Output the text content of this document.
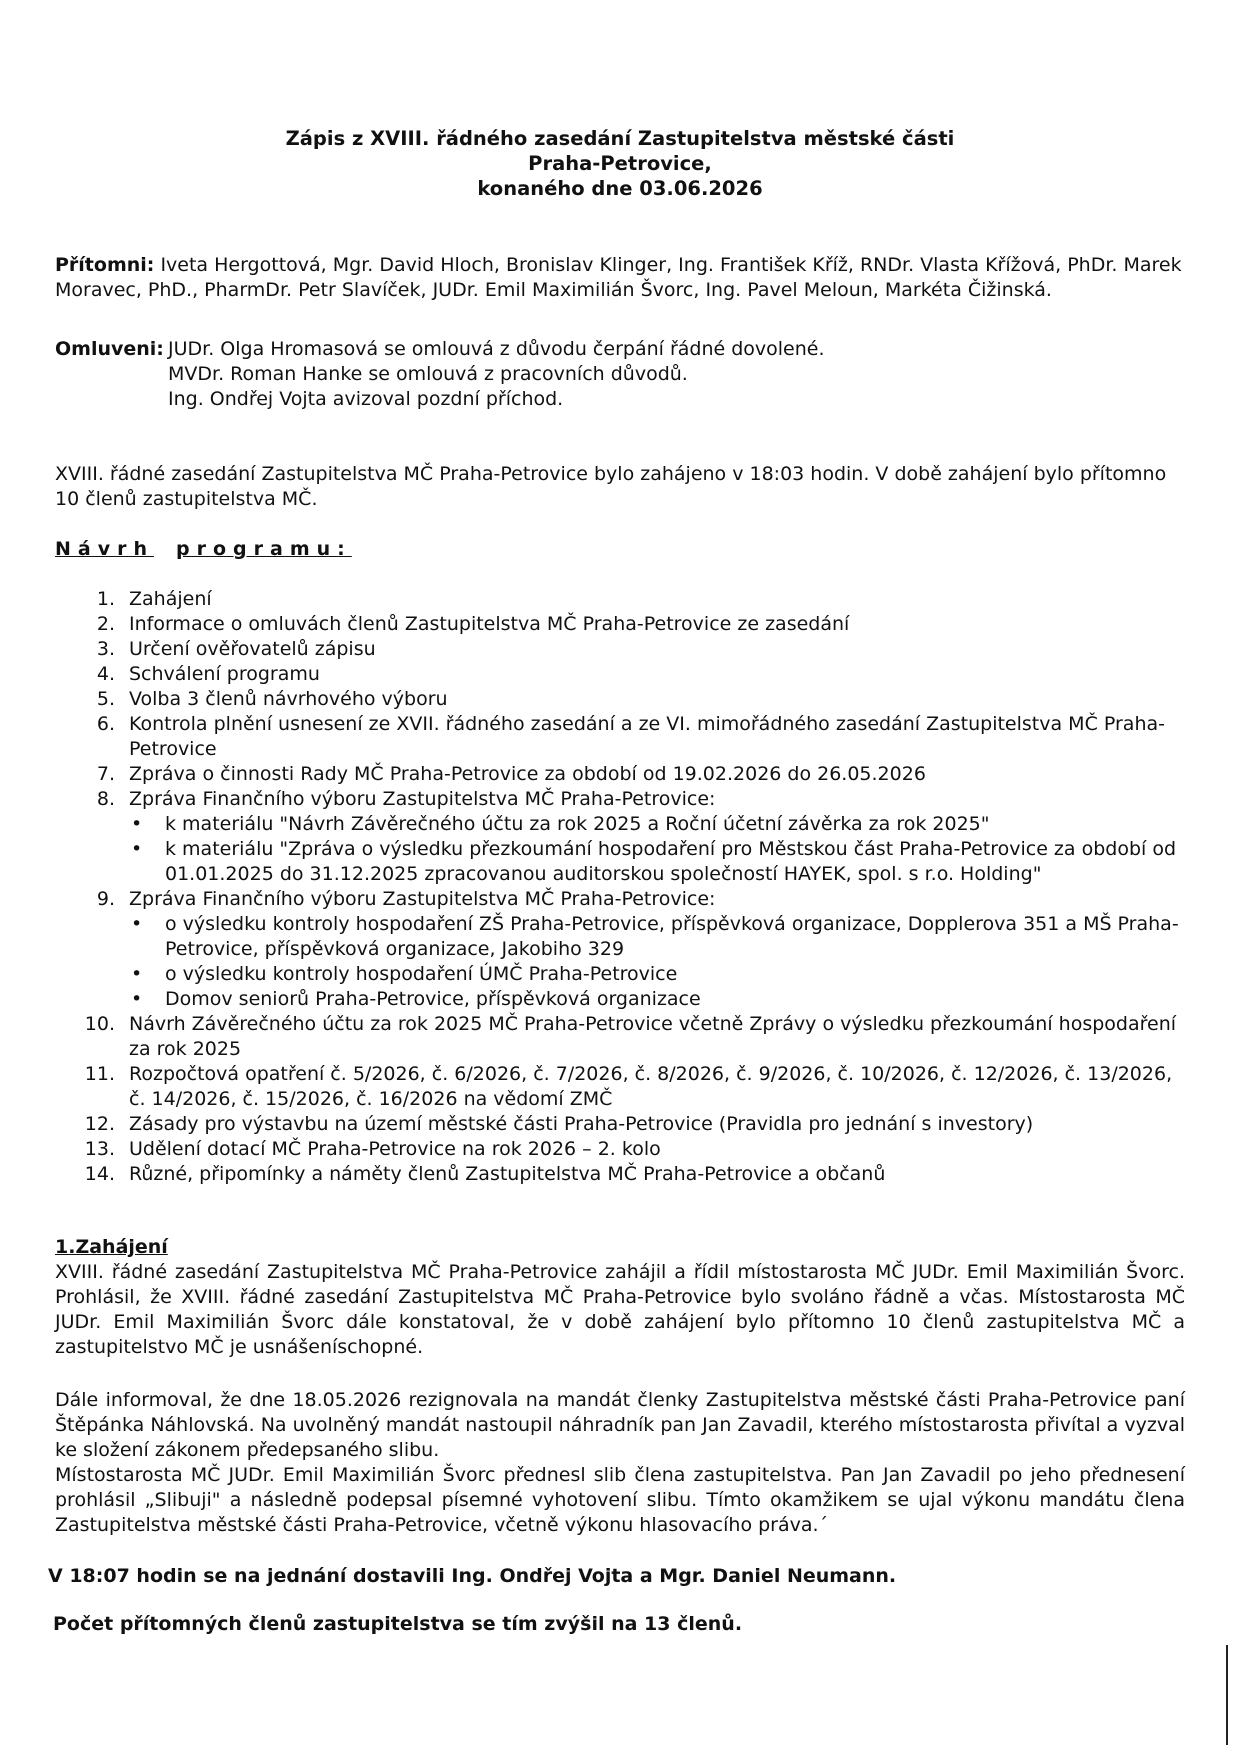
Zápis z XVIII. řádného zasedání Zastupitelstva městské části
Praha-Petrovice,
konaného dne 03.06.2026
Přítomni: Iveta Hergottová, Mgr. David Hloch, Bronislav Klinger, Ing. František Kříž, RNDr. Vlasta Křížová, PhDr. Marek Moravec, PhD., PharmDr. Petr Slavíček, JUDr. Emil Maximilián Švorc, Ing. Pavel Meloun, Markéta Čižinská.
Omluveni: JUDr. Olga Hromasová se omlouvá z důvodu čerpání řádné dovolené.
MVDr. Roman Hanke se omlouvá z pracovních důvodů.
Ing. Ondřej Vojta avizoval pozdní příchod.
XVIII. řádné zasedání Zastupitelstva MČ Praha-Petrovice bylo zahájeno v 18:03 hodin. V době zahájení bylo přítomno 10 členů zastupitelstva MČ.
Návrh programu:
1. Zahájení
2. Informace o omluvách členů Zastupitelstva MČ Praha-Petrovice ze zasedání
3. Určení ověřovatelů zápisu
4. Schválení programu
5. Volba 3 členů návrhového výboru
6. Kontrola plnění usnesení ze XVII. řádného zasedání a ze VI. mimořádného zasedání Zastupitelstva MČ Praha-Petrovice
7. Zpráva o činnosti Rady MČ Praha-Petrovice za období od 19.02.2026 do 26.05.2026
8. Zpráva Finančního výboru Zastupitelstva MČ Praha-Petrovice:
• k materiálu "Návrh Závěrečného účtu za rok 2025 a Roční účetní závěrka za rok 2025"
• k materiálu "Zpráva o výsledku přezkoumání hospodaření pro Městskou část Praha-Petrovice za období od 01.01.2025 do 31.12.2025 zpracovanou auditorskou společností HAYEK, spol. s r.o. Holding"
9. Zpráva Finančního výboru Zastupitelstva MČ Praha-Petrovice:
• o výsledku kontroly hospodaření ZŠ Praha-Petrovice, příspěvková organizace, Dopplerova 351 a MŠ Praha-Petrovice, příspěvková organizace, Jakobiho 329
• o výsledku kontroly hospodaření ÚMČ Praha-Petrovice
• Domov seniorů Praha-Petrovice, příspěvková organizace
10. Návrh Závěrečného účtu za rok 2025 MČ Praha-Petrovice včetně Zprávy o výsledku přezkoumání hospodaření za rok 2025
11. Rozpočtová opatření č. 5/2026, č. 6/2026, č. 7/2026, č. 8/2026, č. 9/2026, č. 10/2026, č. 12/2026, č. 13/2026, č. 14/2026, č. 15/2026, č. 16/2026 na vědomí ZMČ
12. Zásady pro výstavbu na území městské části Praha-Petrovice (Pravidla pro jednání s investory)
13. Udělení dotací MČ Praha-Petrovice na rok 2026 – 2. kolo
14. Různé, připomínky a náměty členů Zastupitelstva MČ Praha-Petrovice a občanů
1.Zahájení
XVIII. řádné zasedání Zastupitelstva MČ Praha-Petrovice zahájil a řídil místostarosta MČ JUDr. Emil Maximilián Švorc. Prohlásil, že XVIII. řádné zasedání Zastupitelstva MČ Praha-Petrovice bylo svoláno řádně a včas. Místostarosta MČ JUDr. Emil Maximilián Švorc dále konstatoval, že v době zahájení bylo přítomno 10 členů zastupitelstva MČ a zastupitelstvo MČ je usnášeníschopné.
Dále informoval, že dne 18.05.2026 rezignovala na mandát členky Zastupitelstva městské části Praha-Petrovice paní Štěpánka Náhlovská. Na uvolněný mandát nastoupil náhradník pan Jan Zavadil, kterého místostarosta přivítal a vyzval ke složení zákonem předepsaného slibu.
Místostarosta MČ JUDr. Emil Maximilián Švorc přednesl slib člena zastupitelstva. Pan Jan Zavadil po jeho přednesení prohlásil „Slibuji" a následně podepsal písemné vyhotovení slibu. Tímto okamžikem se ujal výkonu mandátu člena Zastupitelstva městské části Praha-Petrovice, včetně výkonu hlasovacího práva.´
V 18:07 hodin se na jednání dostavili Ing. Ondřej Vojta a Mgr. Daniel Neumann.
Počet přítomných členů zastupitelstva se tím zvýšil na 13 členů.
